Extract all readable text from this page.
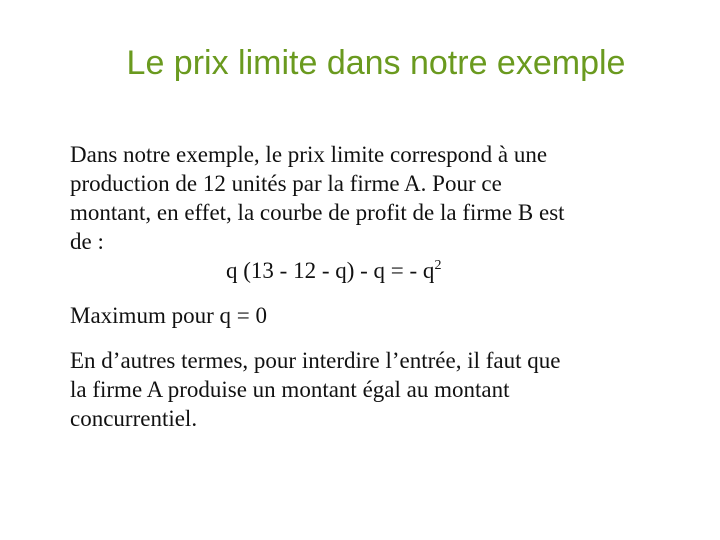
Le prix limite dans notre exemple

Dans notre exemple, le prix limite correspond à une
production de 12 unités par la firme A. Pour ce
montant, en effet, la courbe de profit de la firme B est
de :
q (13 - 12 - q) - q = - $q^2$

Maximum pour q = 0

En d’autres termes, pour interdire l’entrée, il faut que
la firme A produise un montant égal au montant
concurrentiel.
